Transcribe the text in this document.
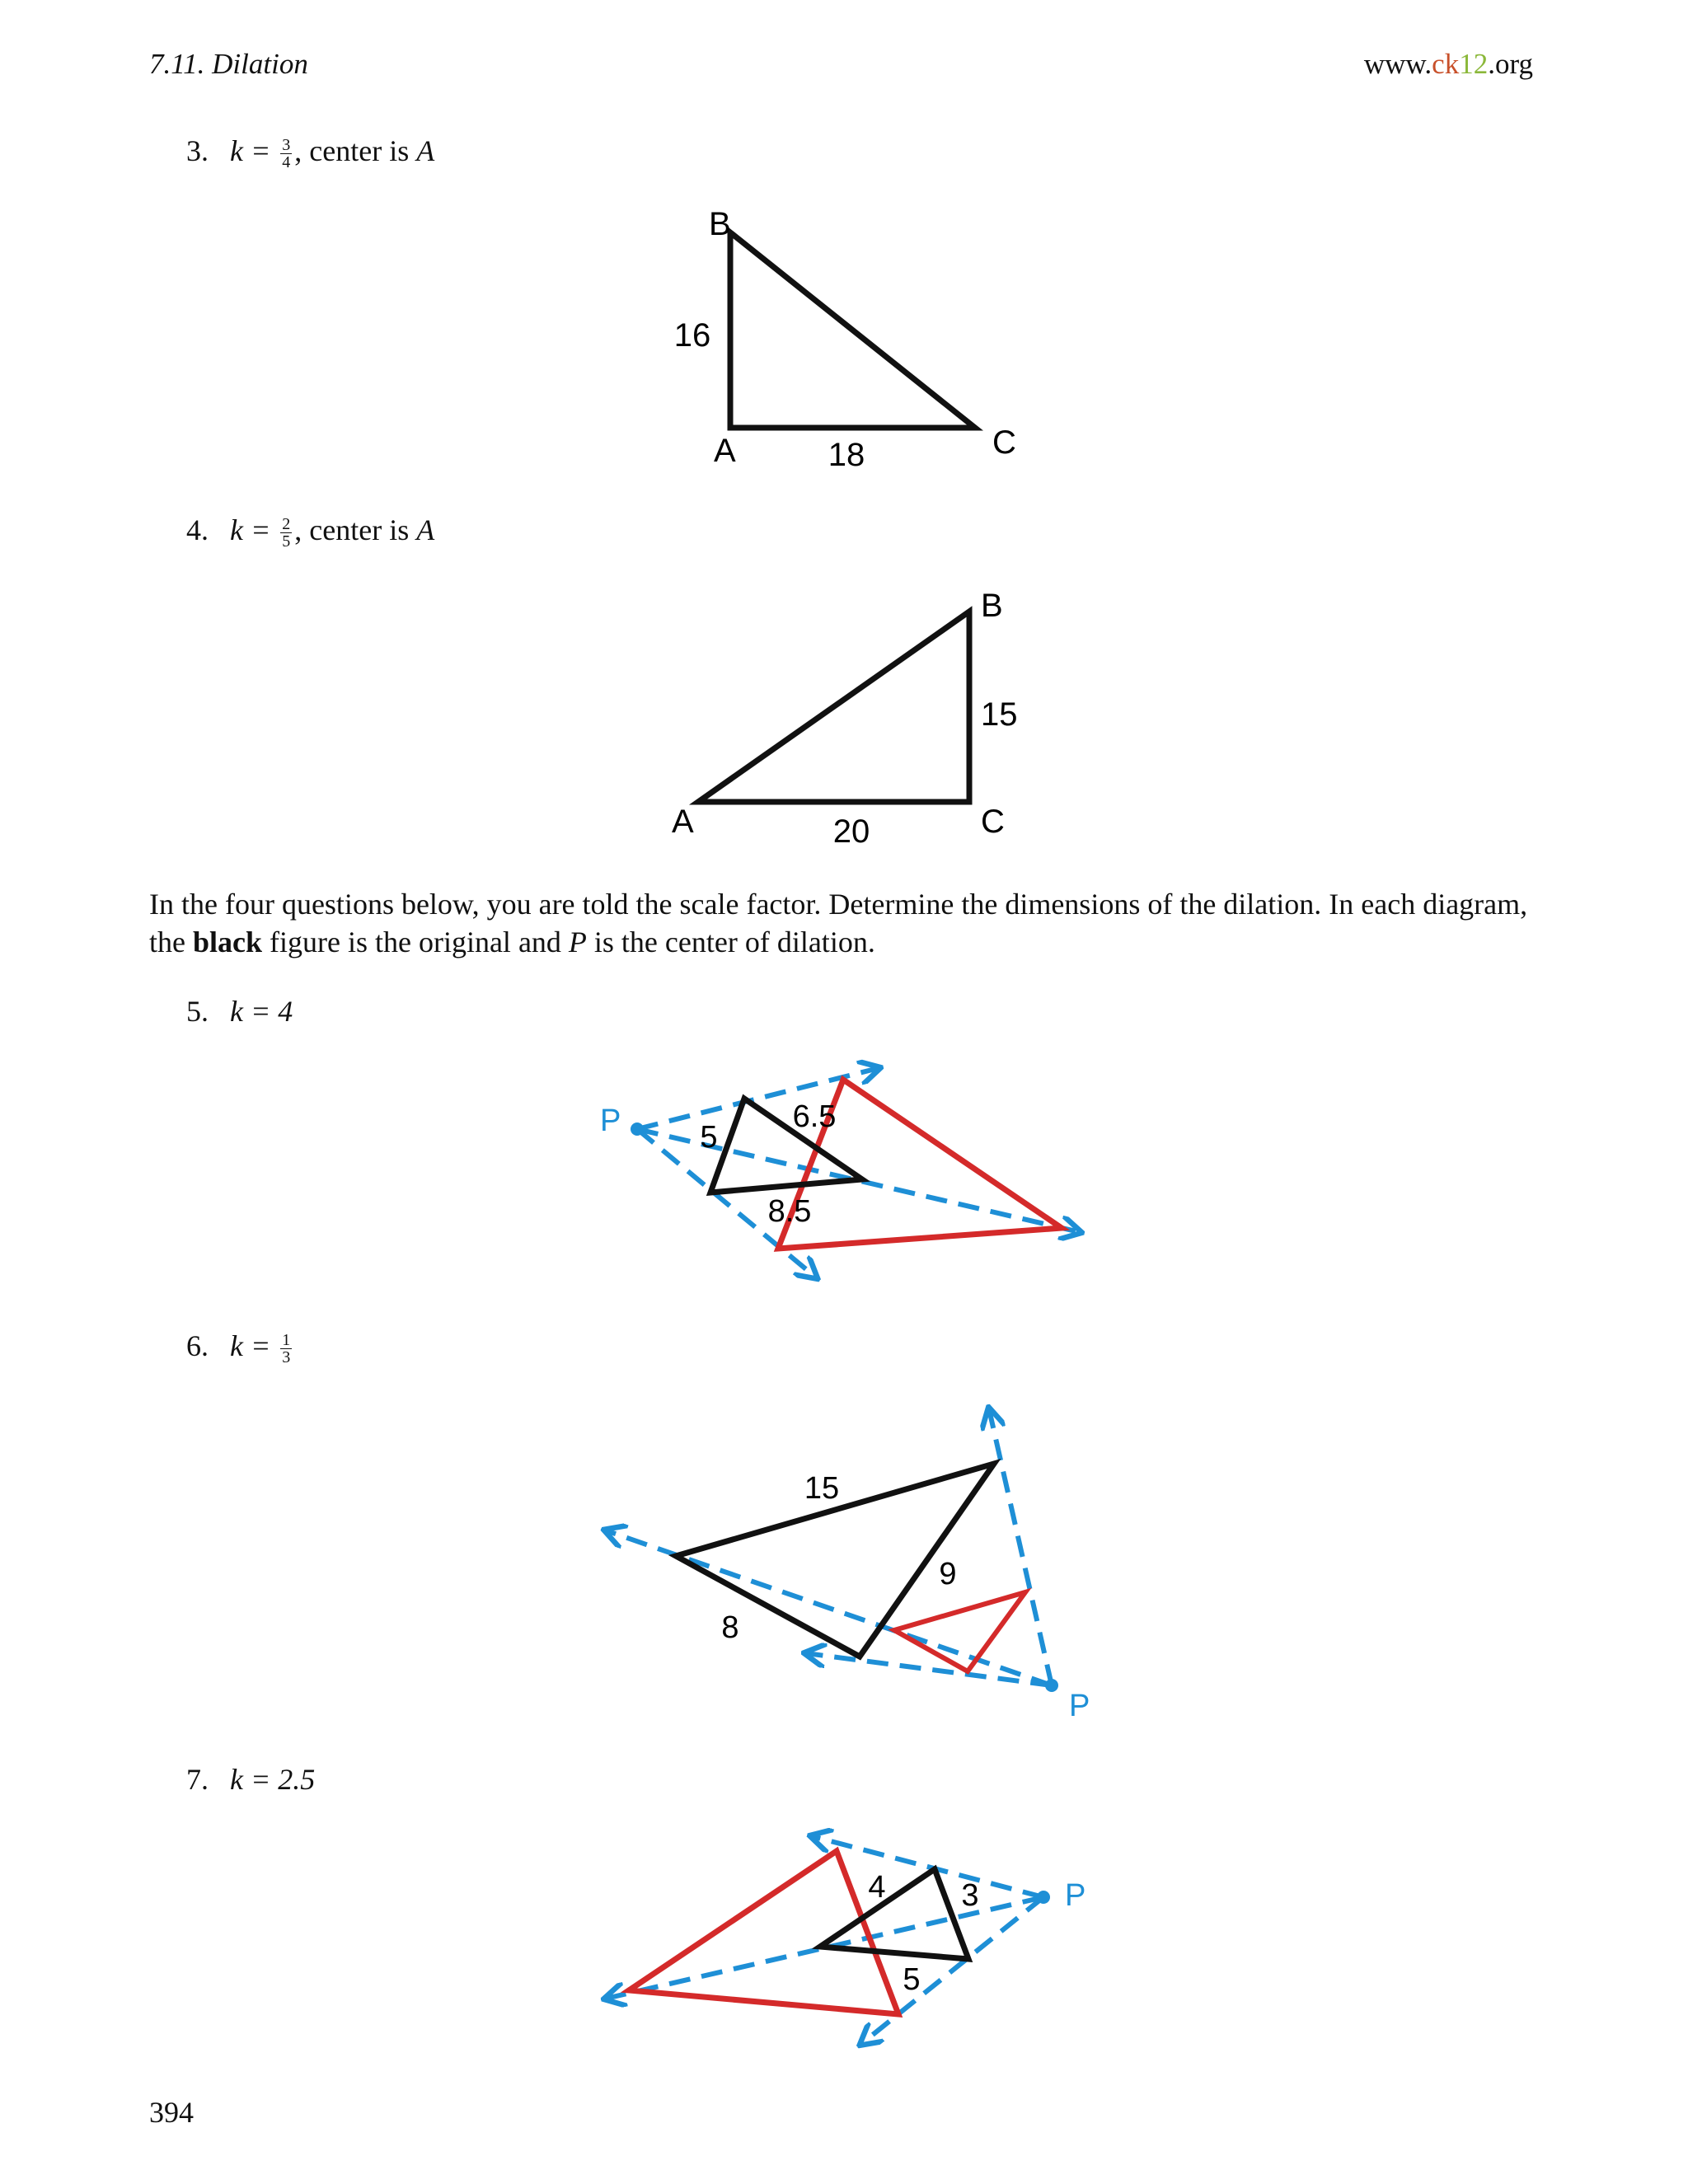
7.11. Dilation	www.ck12.org
3. $k = \frac{3}{4}$ , center is A
4. $k = \frac{2}{5}$ , center is A
In the four questions below, you are told the scale factor. Determine the dimensions of the dilation. In each diagram, the black figure is the original and P is the center of dilation.
5. k = 4
6. $k = \frac{1}{3}$
7. k = 2.5
394
B
A	C
16
18
B
A	C
15
20
P	5
6.5
8.5
P
15
9
8
P
4 3
5
